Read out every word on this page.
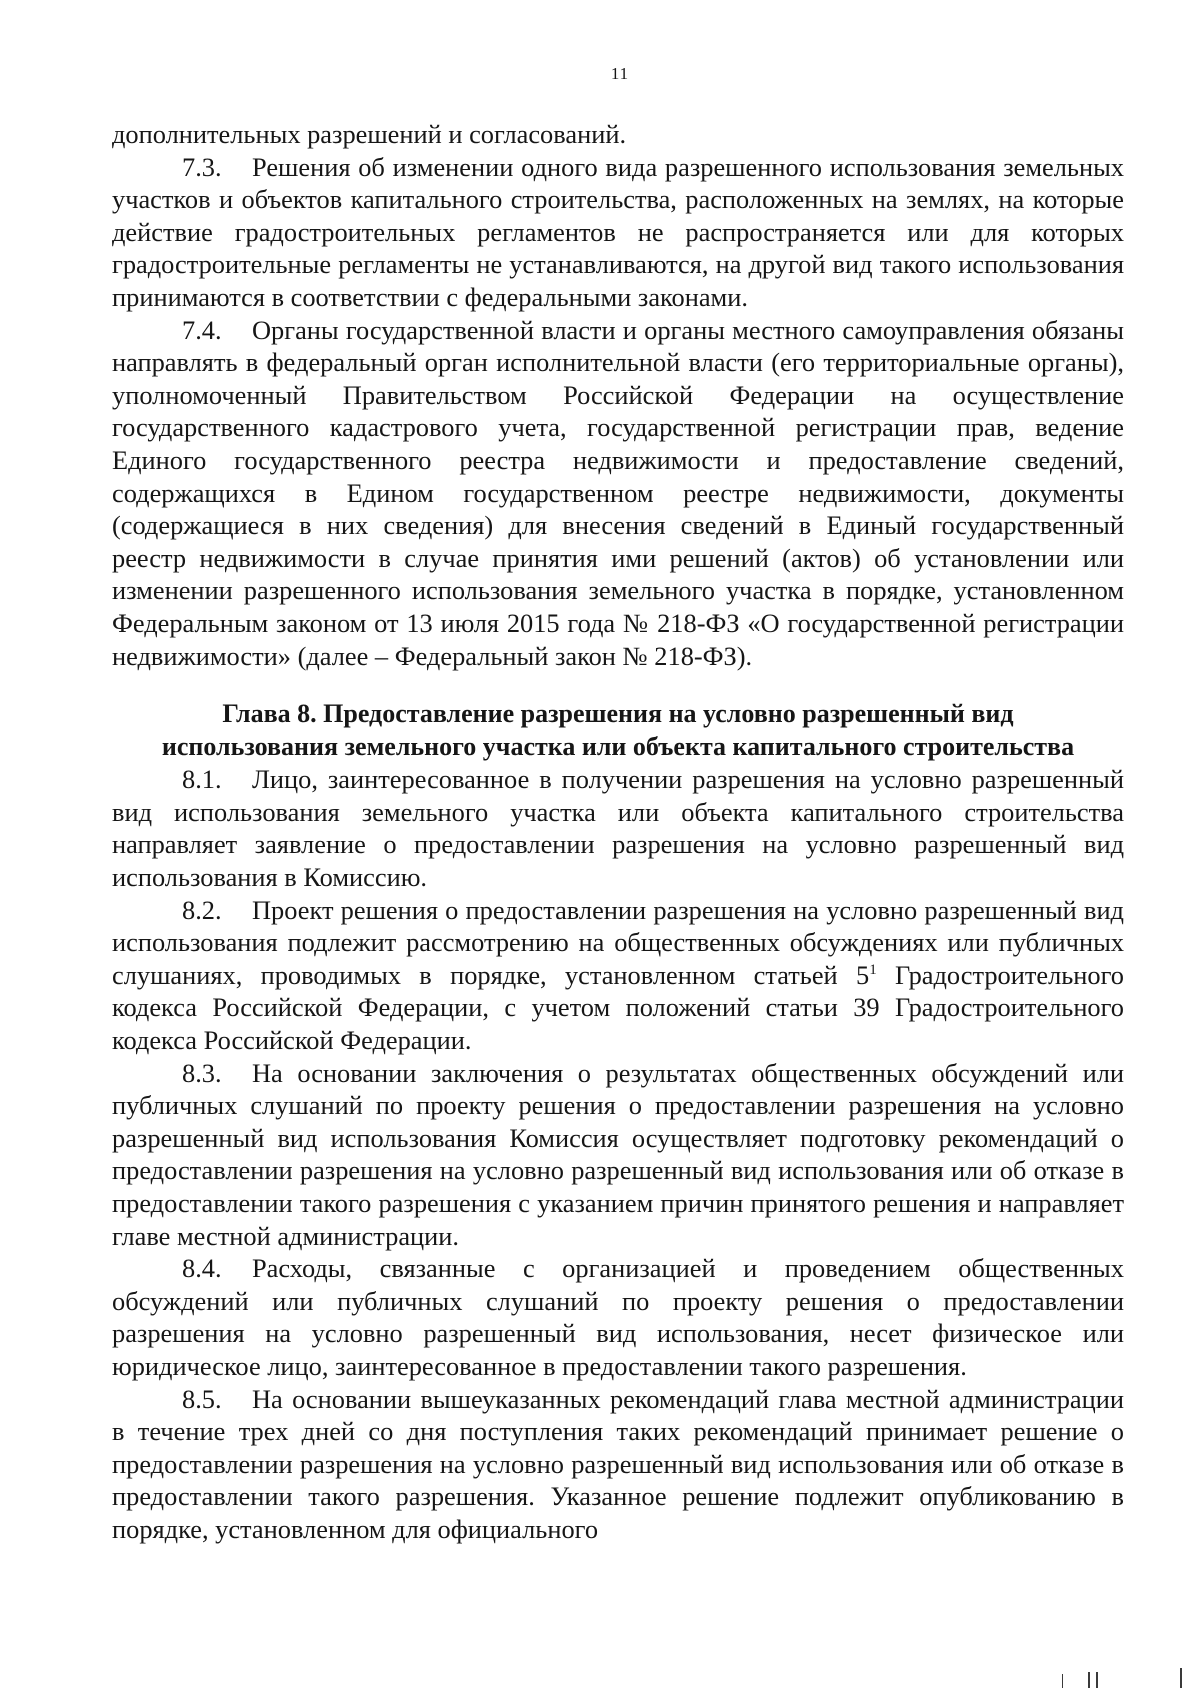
11

дополнительных разрешений и согласований.

7.3. Решения об изменении одного вида разрешенного использования земельных участков и объектов капитального строительства, расположенных на землях, на которые действие градостроительных регламентов не распространяется или для которых градостроительные регламенты не устанавливаются, на другой вид такого использования принимаются в соответствии с федеральными законами.

7.4. Органы государственной власти и органы местного самоуправления обязаны направлять в федеральный орган исполнительной власти (его территориальные органы), уполномоченный Правительством Российской Федерации на осуществление государственного кадастрового учета, государственной регистрации прав, ведение Единого государственного реестра недвижимости и предоставление сведений, содержащихся в Едином государственном реестре недвижимости, документы (содержащиеся в них сведения) для внесения сведений в Единый государственный реестр недвижимости в случае принятия ими решений (актов) об установлении или изменении разрешенного использования земельного участка в порядке, установленном Федеральным законом от 13 июля 2015 года № 218-ФЗ «О государственной регистрации недвижимости» (далее – Федеральный закон № 218-ФЗ).

Глава 8. Предоставление разрешения на условно разрешенный вид
использования земельного участка или объекта капитального строительства

8.1. Лицо, заинтересованное в получении разрешения на условно разрешенный вид использования земельного участка или объекта капитального строительства направляет заявление о предоставлении разрешения на условно разрешенный вид использования в Комиссию.

8.2. Проект решения о предоставлении разрешения на условно разрешенный вид использования подлежит рассмотрению на общественных обсуждениях или публичных слушаниях, проводимых в порядке, установленном статьей $5^1$ Градостроительного кодекса Российской Федерации, с учетом положений статьи 39 Градостроительного кодекса Российской Федерации.

8.3. На основании заключения о результатах общественных обсуждений или публичных слушаний по проекту решения о предоставлении разрешения на условно разрешенный вид использования Комиссия осуществляет подготовку рекомендаций о предоставлении разрешения на условно разрешенный вид использования или об отказе в предоставлении такого разрешения с указанием причин принятого решения и направляет главе местной администрации.

8.4. Расходы, связанные с организацией и проведением общественных обсуждений или публичных слушаний по проекту решения о предоставлении разрешения на условно разрешенный вид использования, несет физическое или юридическое лицо, заинтересованное в предоставлении такого разрешения.

8.5. На основании вышеуказанных рекомендаций глава местной администрации в течение трех дней со дня поступления таких рекомендаций принимает решение о предоставлении разрешения на условно разрешенный вид использования или об отказе в предоставлении такого разрешения. Указанное решение подлежит опубликованию в порядке, установленном для официального
